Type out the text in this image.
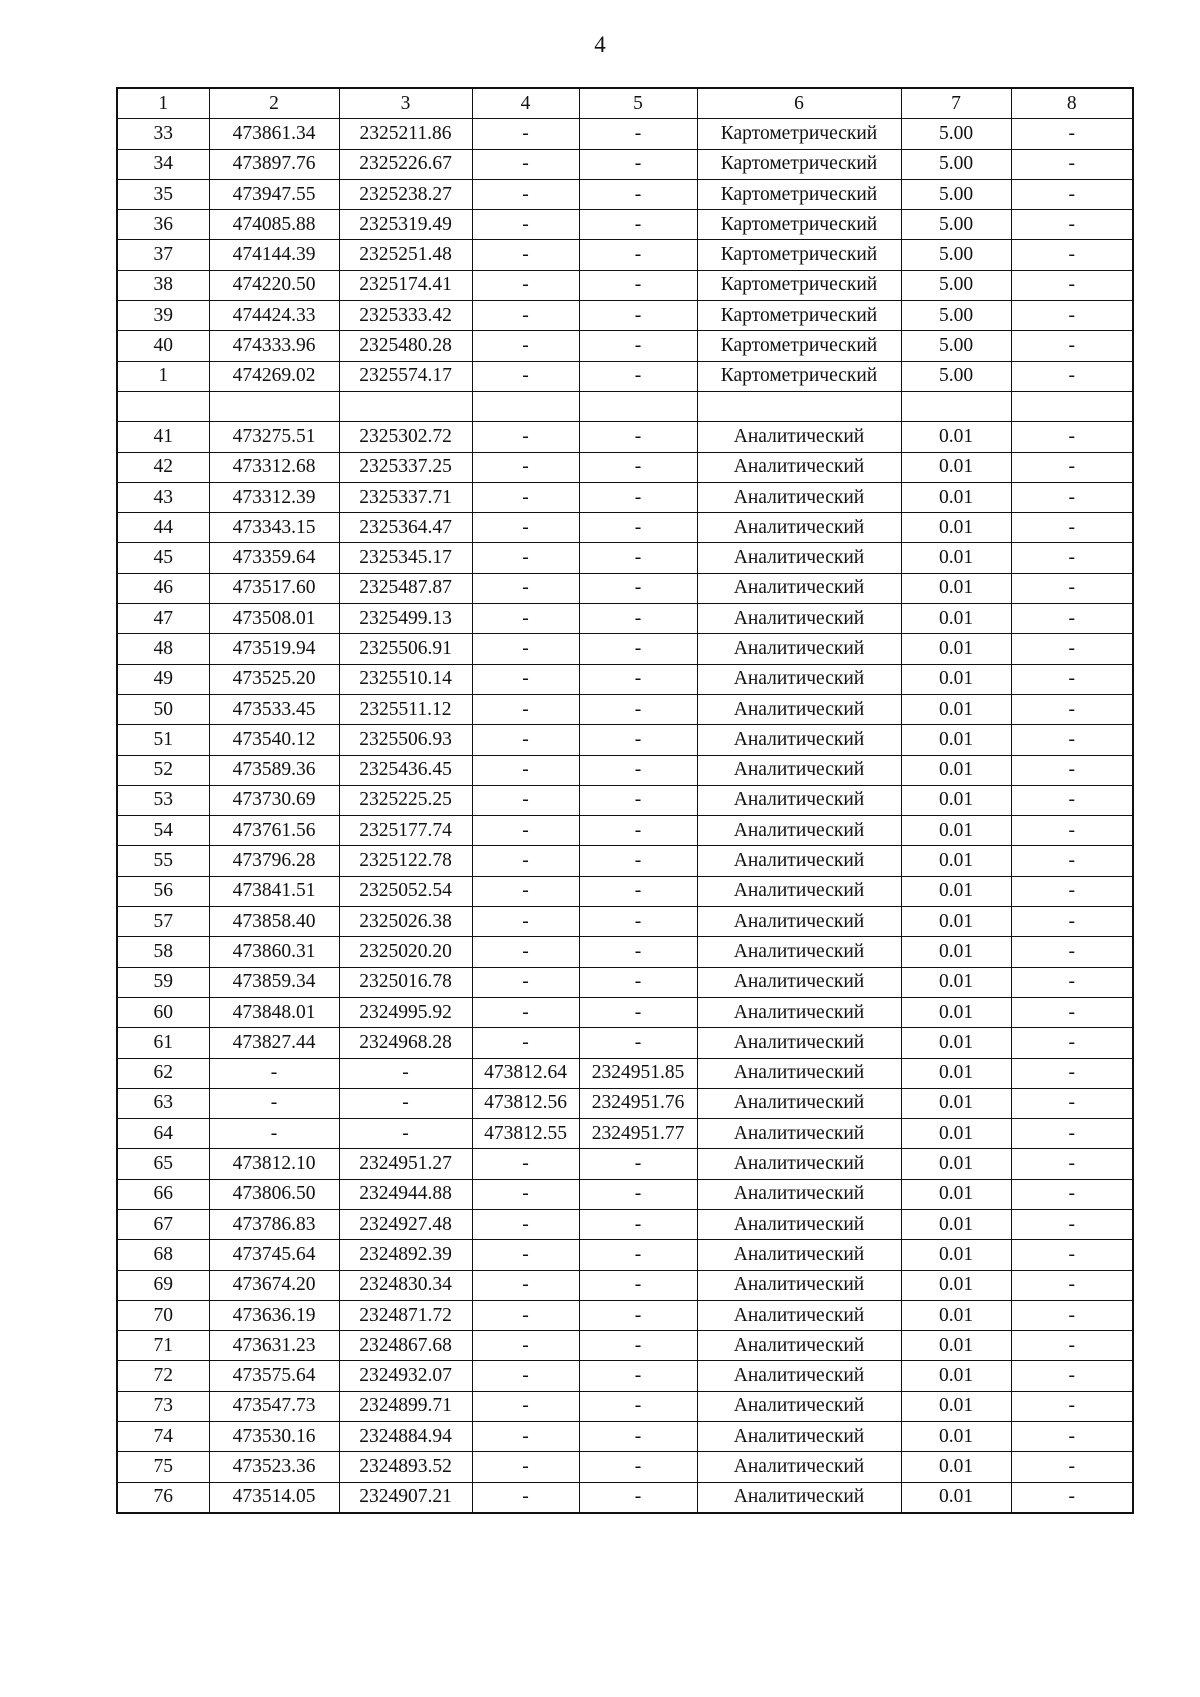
4
1	2	3	4	5	6	7	8
33	473861.34	2325211.86	-	-	Картометрический	5.00	-
34	473897.76	2325226.67	-	-	Картометрический	5.00	-
35	473947.55	2325238.27	-	-	Картометрический	5.00	-
36	474085.88	2325319.49	-	-	Картометрический	5.00	-
37	474144.39	2325251.48	-	-	Картометрический	5.00	-
38	474220.50	2325174.41	-	-	Картометрический	5.00	-
39	474424.33	2325333.42	-	-	Картометрический	5.00	-
40	474333.96	2325480.28	-	-	Картометрический	5.00	-
1	474269.02	2325574.17	-	-	Картометрический	5.00	-

41	473275.51	2325302.72	-	-	Аналитический	0.01	-
42	473312.68	2325337.25	-	-	Аналитический	0.01	-
43	473312.39	2325337.71	-	-	Аналитический	0.01	-
44	473343.15	2325364.47	-	-	Аналитический	0.01	-
45	473359.64	2325345.17	-	-	Аналитический	0.01	-
46	473517.60	2325487.87	-	-	Аналитический	0.01	-
47	473508.01	2325499.13	-	-	Аналитический	0.01	-
48	473519.94	2325506.91	-	-	Аналитический	0.01	-
49	473525.20	2325510.14	-	-	Аналитический	0.01	-
50	473533.45	2325511.12	-	-	Аналитический	0.01	-
51	473540.12	2325506.93	-	-	Аналитический	0.01	-
52	473589.36	2325436.45	-	-	Аналитический	0.01	-
53	473730.69	2325225.25	-	-	Аналитический	0.01	-
54	473761.56	2325177.74	-	-	Аналитический	0.01	-
55	473796.28	2325122.78	-	-	Аналитический	0.01	-
56	473841.51	2325052.54	-	-	Аналитический	0.01	-
57	473858.40	2325026.38	-	-	Аналитический	0.01	-
58	473860.31	2325020.20	-	-	Аналитический	0.01	-
59	473859.34	2325016.78	-	-	Аналитический	0.01	-
60	473848.01	2324995.92	-	-	Аналитический	0.01	-
61	473827.44	2324968.28	-	-	Аналитический	0.01	-
62	-	-	473812.64	2324951.85	Аналитический	0.01	-
63	-	-	473812.56	2324951.76	Аналитический	0.01	-
64	-	-	473812.55	2324951.77	Аналитический	0.01	-
65	473812.10	2324951.27	-	-	Аналитический	0.01	-
66	473806.50	2324944.88	-	-	Аналитический	0.01	-
67	473786.83	2324927.48	-	-	Аналитический	0.01	-
68	473745.64	2324892.39	-	-	Аналитический	0.01	-
69	473674.20	2324830.34	-	-	Аналитический	0.01	-
70	473636.19	2324871.72	-	-	Аналитический	0.01	-
71	473631.23	2324867.68	-	-	Аналитический	0.01	-
72	473575.64	2324932.07	-	-	Аналитический	0.01	-
73	473547.73	2324899.71	-	-	Аналитический	0.01	-
74	473530.16	2324884.94	-	-	Аналитический	0.01	-
75	473523.36	2324893.52	-	-	Аналитический	0.01	-
76	473514.05	2324907.21	-	-	Аналитический	0.01	-
